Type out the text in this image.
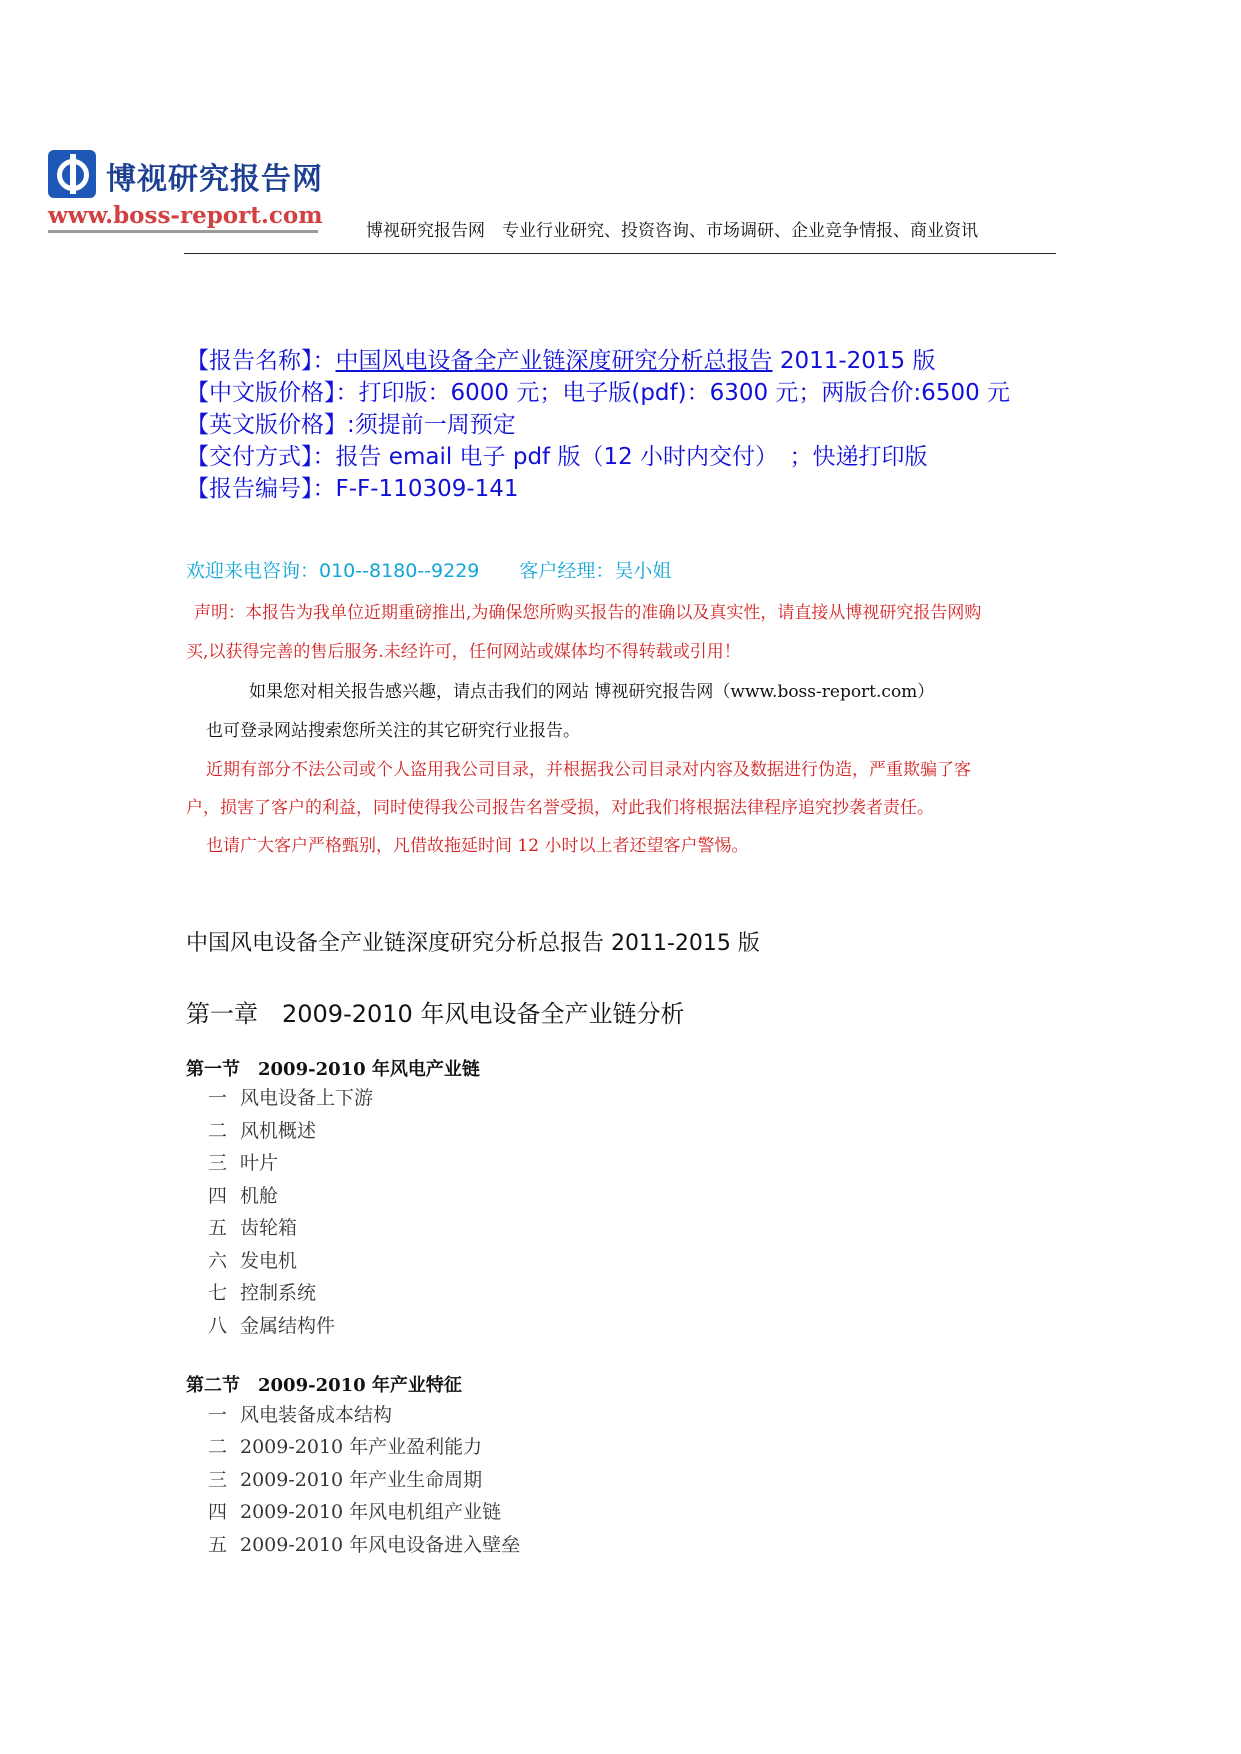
博视研究报告网
www.boss-report.com
博视研究报告网　专业行业研究、投资咨询、市场调研、企业竞争情报、商业资讯
【报告名称】：中国风电设备全产业链深度研究分析总报告 2011-2015 版
【中文版价格】：打印版：6000 元；电子版(pdf)：6300 元；两版合价:6500 元
【英文版价格】:须提前一周预定
【交付方式】：报告 email 电子 pdf 版（12 小时内交付）　；快递打印版
【报告编号】：F-F-110309-141
欢迎来电咨询：010--8180--9229 客户经理：吴小姐
声明：本报告为我单位近期重磅推出,为确保您所购买报告的准确以及真实性，请直接从博视研究报告网购
买,以获得完善的售后服务.未经许可，任何网站或媒体均不得转载或引用！
如果您对相关报告感兴趣，请点击我们的网站 博视研究报告网（www.boss-report.com）
也可登录网站搜索您所关注的其它研究行业报告。
近期有部分不法公司或个人盗用我公司目录，并根据我公司目录对内容及数据进行伪造，严重欺骗了客
户，损害了客户的利益，同时使得我公司报告名誉受损，对此我们将根据法律程序追究抄袭者责任。
也请广大客户严格甄别，凡借故拖延时间 12 小时以上者还望客户警惕。
中国风电设备全产业链深度研究分析总报告 2011-2015 版
第一章　2009-2010 年风电设备全产业链分析
第一节　2009-2010 年风电产业链
一 风电设备上下游
二 风机概述
三 叶片
四 机舱
五 齿轮箱
六 发电机
七 控制系统
八 金属结构件
第二节　2009-2010 年产业特征
一 风电装备成本结构
二 2009-2010 年产业盈利能力
三 2009-2010 年产业生命周期
四 2009-2010 年风电机组产业链
五 2009-2010 年风电设备进入壁垒
